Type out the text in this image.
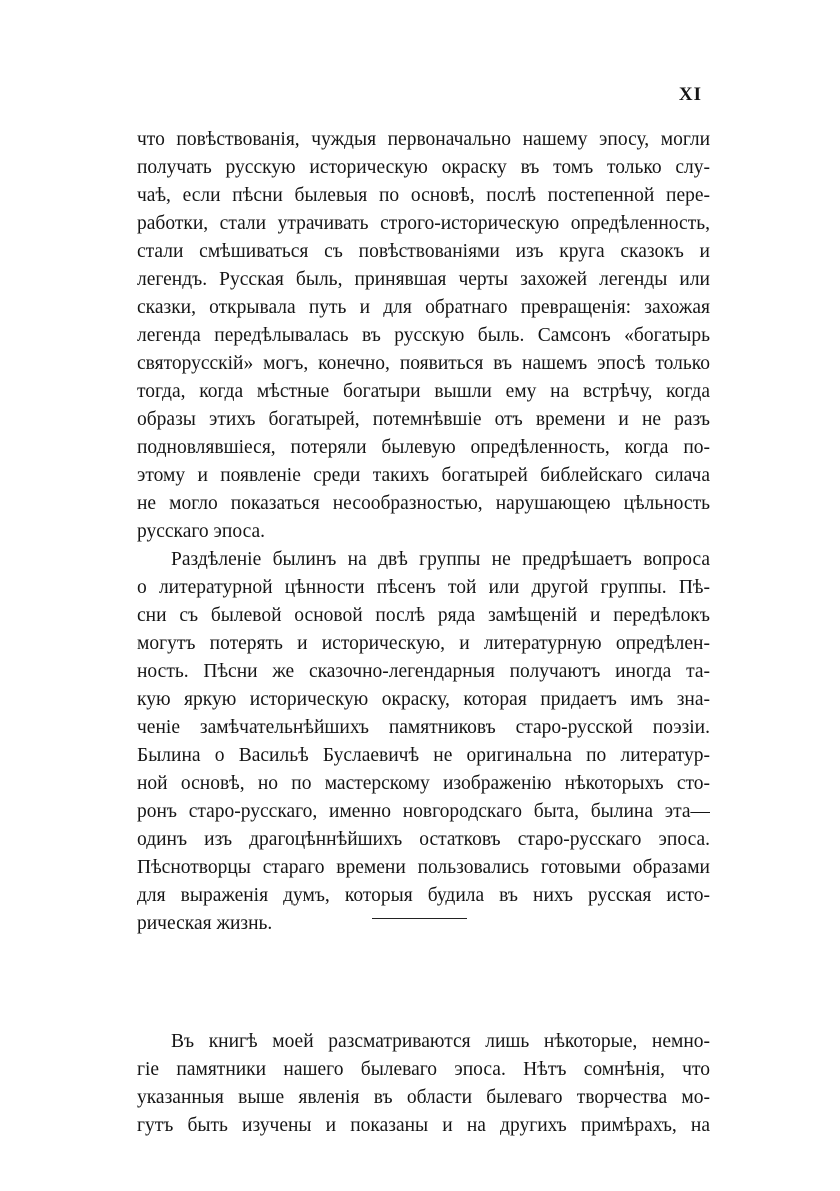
XI
что повѣствованія, чуждыя первоначально нашему эпосу, могли
получать русскую историческую окраску въ томъ только слу-
чаѣ, если пѣсни былевыя по основѣ, послѣ постепенной пере-
работки, стали утрачивать строго-историческую опредѣленность,
стали смѣшиваться съ повѣствованіями изъ круга сказокъ и
легендъ. Русская быль, принявшая черты захожей легенды или
сказки, открывала путь и для обратнаго превращенія: захожая
легенда передѣлывалась въ русскую быль. Самсонъ «богатырь
святорусскій» могъ, конечно, появиться въ нашемъ эпосѣ только
тогда, когда мѣстные богатыри вышли ему на встрѣчу, когда
образы этихъ богатырей, потемнѣвшіе отъ времени и не разъ
подновлявшіеся, потеряли былевую опредѣленность, когда по-
этому и появленіе среди такихъ богатырей библейскаго силача
не могло показаться несообразностью, нарушающею цѣльность
русскаго эпоса.
Раздѣленіе былинъ на двѣ группы не предрѣшаетъ вопроса
о литературной цѣнности пѣсенъ той или другой группы. Пѣ-
сни съ былевой основой послѣ ряда замѣщеній и передѣлокъ
могутъ потерять и историческую, и литературную опредѣлен-
ность. Пѣсни же сказочно-легендарныя получаютъ иногда та-
кую яркую историческую окраску, которая придаетъ имъ зна-
ченіе замѣчательнѣйшихъ памятниковъ старо-русской поэзіи.
Былина о Васильѣ Буслаевичѣ не оригинальна по литератур-
ной основѣ, но по мастерскому изображенію нѣкоторыхъ сто-
ронъ старо-русскаго, именно новгородскаго быта, былина эта—
одинъ изъ драгоцѣннѣйшихъ остатковъ старо-русскаго эпоса.
Пѣснотворцы стараго времени пользовались готовыми образами
для выраженія думъ, которыя будила въ нихъ русская исто-
рическая жизнь.
Въ книгѣ моей разсматриваются лишь нѣкоторые, немно-
гіе памятники нашего былеваго эпоса. Нѣтъ сомнѣнія, что
указанныя выше явленія въ области былеваго творчества мо-
гутъ быть изучены и показаны и на другихъ примѣрахъ, на
